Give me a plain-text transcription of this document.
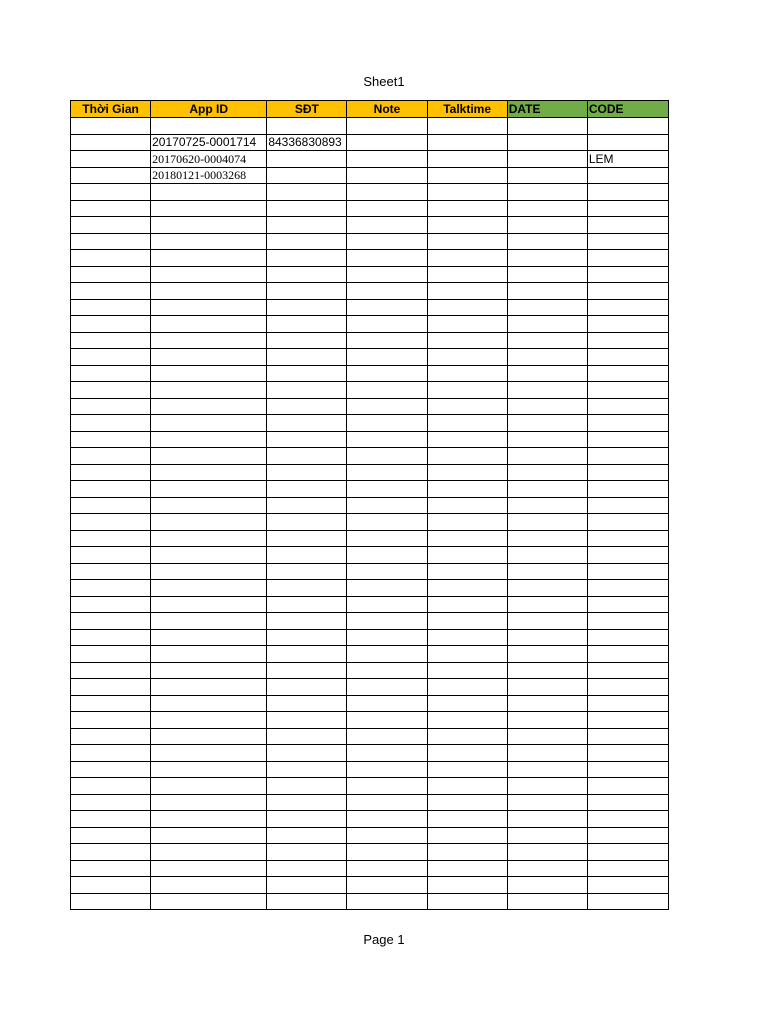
Sheet1
Thời Gian	App ID	SĐT	Note	Talktime	DATE	CODE

	20170725-0001714	84336830893				
	20170620-0004074					LEM
	20180121-0003268					

Page 1
